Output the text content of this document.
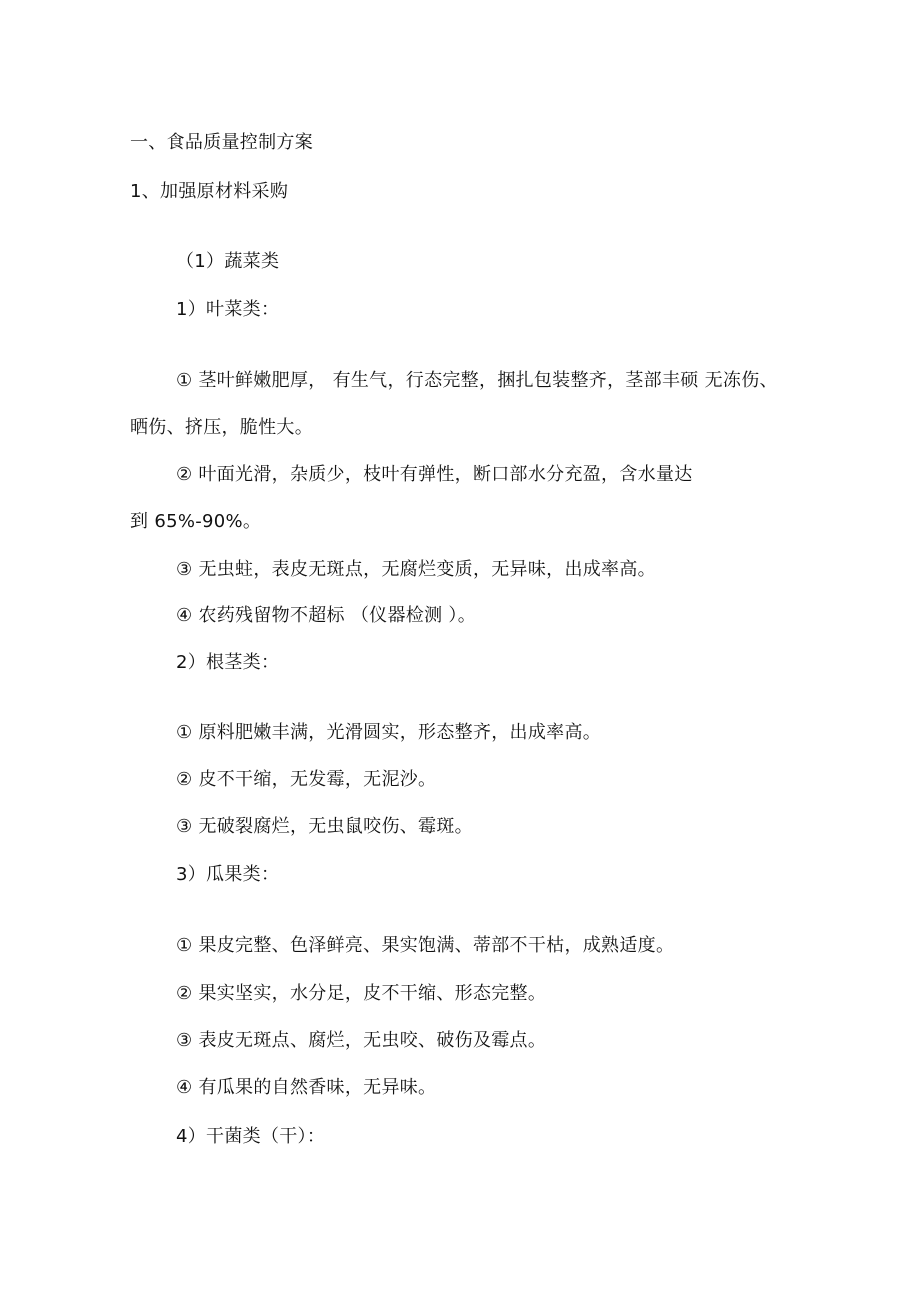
一、食品质量控制方案
1、加强原材料采购
（1）蔬菜类
1）叶菜类：
① 茎叶鲜嫩肥厚， 有生气，行态完整，捆扎包装整齐，茎部丰硕 无冻伤、
晒伤、挤压，脆性大。
② 叶面光滑，杂质少，枝叶有弹性，断口部水分充盈，含水量达
到 65%-90%。
③ 无虫蛀，表皮无斑点，无腐烂变质，无异味，出成率高。
④ 农药残留物不超标 （仪器检测 ）。
2）根茎类：
① 原料肥嫩丰满，光滑圆实，形态整齐，出成率高。
② 皮不干缩，无发霉，无泥沙。
③ 无破裂腐烂，无虫鼠咬伤、霉斑。
3）瓜果类：
① 果皮完整、色泽鲜亮、果实饱满、蒂部不干枯，成熟适度。
② 果实坚实，水分足，皮不干缩、形态完整。
③ 表皮无斑点、腐烂，无虫咬、破伤及霉点。
④ 有瓜果的自然香味，无异味。
4）干菌类（干）：
